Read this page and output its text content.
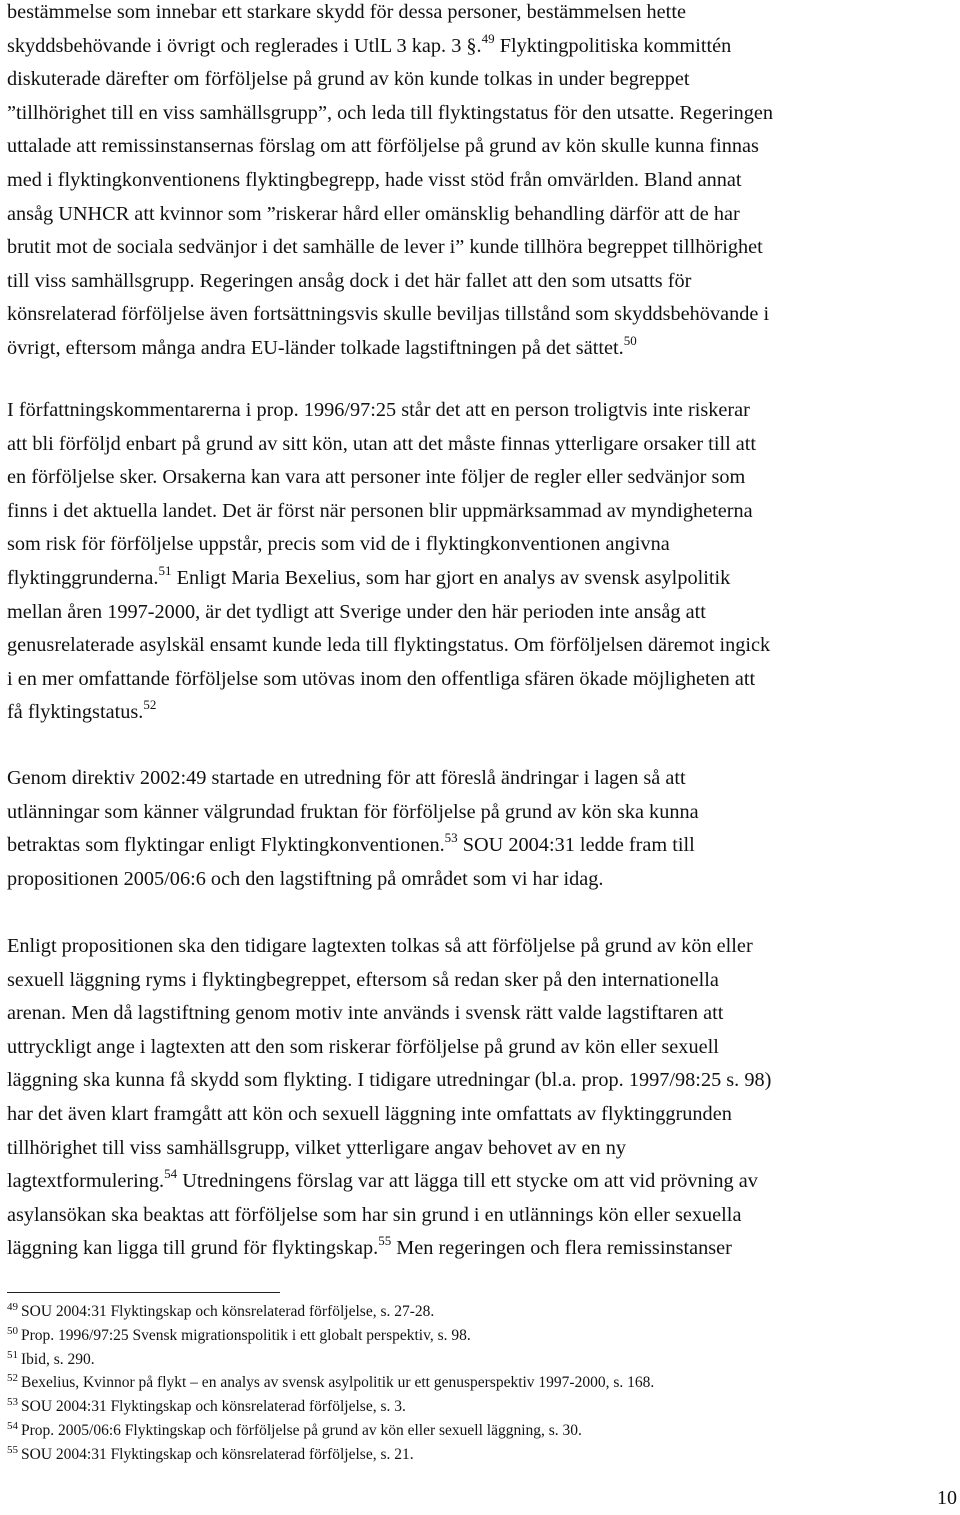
bestämmelse som innebar ett starkare skydd för dessa personer, bestämmelsen hette
skyddsbehövande i övrigt och reglerades i UtlL 3 kap. 3 §.$^{49}$ Flyktingpolitiska kommittén
diskuterade därefter om förföljelse på grund av kön kunde tolkas in under begreppet
”tillhörighet till en viss samhällsgrupp”, och leda till flyktingstatus för den utsatte. Regeringen
uttalade att remissinstansernas förslag om att förföljelse på grund av kön skulle kunna finnas
med i flyktingkonventionens flyktingbegrepp, hade visst stöd från omvärlden. Bland annat
ansåg UNHCR att kvinnor som ”riskerar hård eller omänsklig behandling därför att de har
brutit mot de sociala sedvänjor i det samhälle de lever i” kunde tillhöra begreppet tillhörighet
till viss samhällsgrupp. Regeringen ansåg dock i det här fallet att den som utsatts för
könsrelaterad förföljelse även fortsättningsvis skulle beviljas tillstånd som skyddsbehövande i
övrigt, eftersom många andra EU-länder tolkade lagstiftningen på det sättet.$^{50}$

I författningskommentarerna i prop. 1996/97:25 står det att en person troligtvis inte riskerar
att bli förföljd enbart på grund av sitt kön, utan att det måste finnas ytterligare orsaker till att
en förföljelse sker. Orsakerna kan vara att personer inte följer de regler eller sedvänjor som
finns i det aktuella landet. Det är först när personen blir uppmärksammad av myndigheterna
som risk för förföljelse uppstår, precis som vid de i flyktingkonventionen angivna
flyktinggrunderna.$^{51}$ Enligt Maria Bexelius, som har gjort en analys av svensk asylpolitik
mellan åren 1997-2000, är det tydligt att Sverige under den här perioden inte ansåg att
genusrelaterade asylskäl ensamt kunde leda till flyktingstatus. Om förföljelsen däremot ingick
i en mer omfattande förföljelse som utövas inom den offentliga sfären ökade möjligheten att
få flyktingstatus.$^{52}$

Genom direktiv 2002:49 startade en utredning för att föreslå ändringar i lagen så att
utlänningar som känner välgrundad fruktan för förföljelse på grund av kön ska kunna
betraktas som flyktingar enligt Flyktingkonventionen.$^{53}$ SOU 2004:31 ledde fram till
propositionen 2005/06:6 och den lagstiftning på området som vi har idag.

Enligt propositionen ska den tidigare lagtexten tolkas så att förföljelse på grund av kön eller
sexuell läggning ryms i flyktingbegreppet, eftersom så redan sker på den internationella
arenan. Men då lagstiftning genom motiv inte används i svensk rätt valde lagstiftaren att
uttryckligt ange i lagtexten att den som riskerar förföljelse på grund av kön eller sexuell
läggning ska kunna få skydd som flykting. I tidigare utredningar (bl.a. prop. 1997/98:25 s. 98)
har det även klart framgått att kön och sexuell läggning inte omfattats av flyktinggrunden
tillhörighet till viss samhällsgrupp, vilket ytterligare angav behovet av en ny
lagtextformulering.$^{54}$ Utredningens förslag var att lägga till ett stycke om att vid prövning av
asylansökan ska beaktas att förföljelse som har sin grund i en utlännings kön eller sexuella
läggning kan ligga till grund för flyktingskap.$^{55}$ Men regeringen och flera remissinstanser

$^{49}$ SOU 2004:31 Flyktingskap och könsrelaterad förföljelse, s. 27-28.
$^{50}$ Prop. 1996/97:25 Svensk migrationspolitik i ett globalt perspektiv, s. 98.
$^{51}$ Ibid, s. 290.
$^{52}$ Bexelius, Kvinnor på flykt – en analys av svensk asylpolitik ur ett genusperspektiv 1997-2000, s. 168.
$^{53}$ SOU 2004:31 Flyktingskap och könsrelaterad förföljelse, s. 3.
$^{54}$ Prop. 2005/06:6 Flyktingskap och förföljelse på grund av kön eller sexuell läggning, s. 30.
$^{55}$ SOU 2004:31 Flyktingskap och könsrelaterad förföljelse, s. 21.
10
